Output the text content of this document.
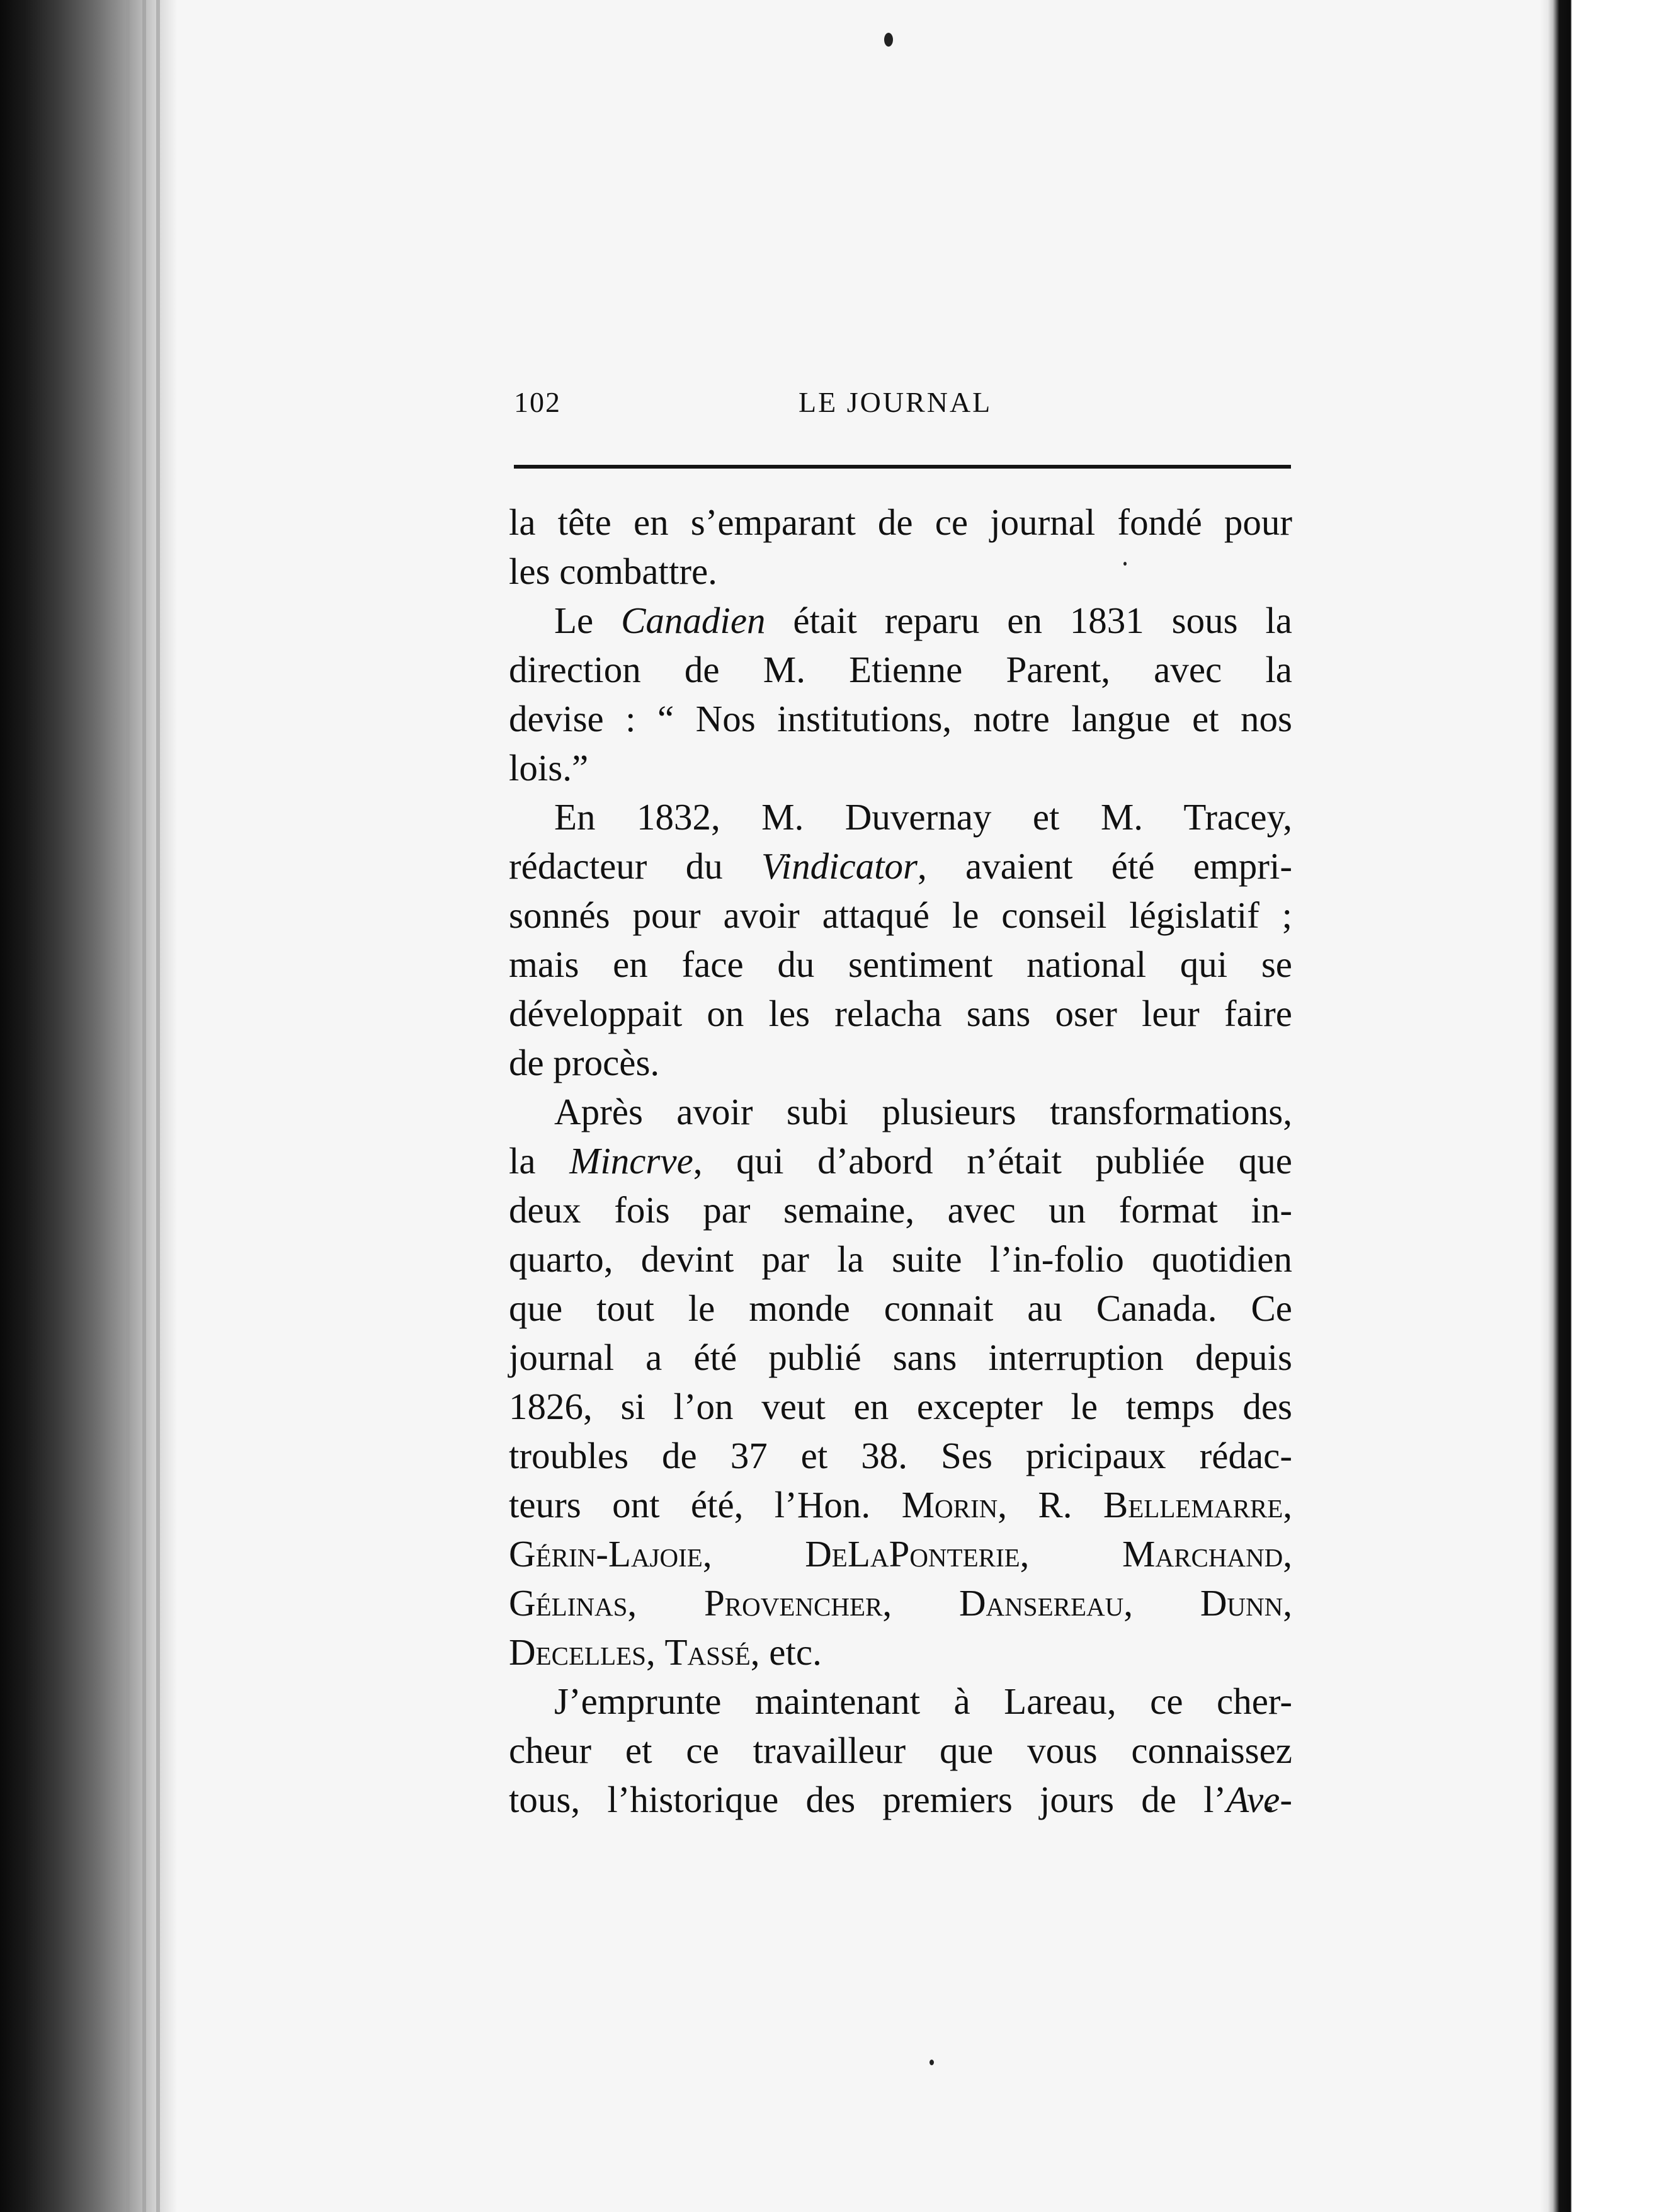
102	LE JOURNAL
la tête en s’emparant de ce journal fondé pour
les combattre.
Le Canadien était reparu en 1831 sous la
direction de M. Etienne Parent, avec la
devise : “ Nos institutions, notre langue et nos
lois.”
En 1832, M. Duvernay et M. Tracey,
rédacteur du Vindicator, avaient été empri-
sonnés pour avoir attaqué le conseil législatif ;
mais en face du sentiment national qui se
développait on les relacha sans oser leur faire
de procès.
Après avoir subi plusieurs transformations,
la Mincrve, qui d’abord n’était publiée que
deux fois par semaine, avec un format in-
quarto, devint par la suite l’in-folio quotidien
que tout le monde connait au Canada. Ce
journal a été publié sans interruption depuis
1826, si l’on veut en excepter le temps des
troubles de 37 et 38. Ses pricipaux rédac-
teurs ont été, l’Hon. Morin, R. Bellemarre,
Gérin-Lajoie, DeLaPonterie, Marchand,
Gélinas, Provencher, Dansereau, Dunn,
Decelles, Tassé, etc.
J’emprunte maintenant à Lareau, ce cher-
cheur et ce travailleur que vous connaissez
tous, l’historique des premiers jours de l’Ave-
